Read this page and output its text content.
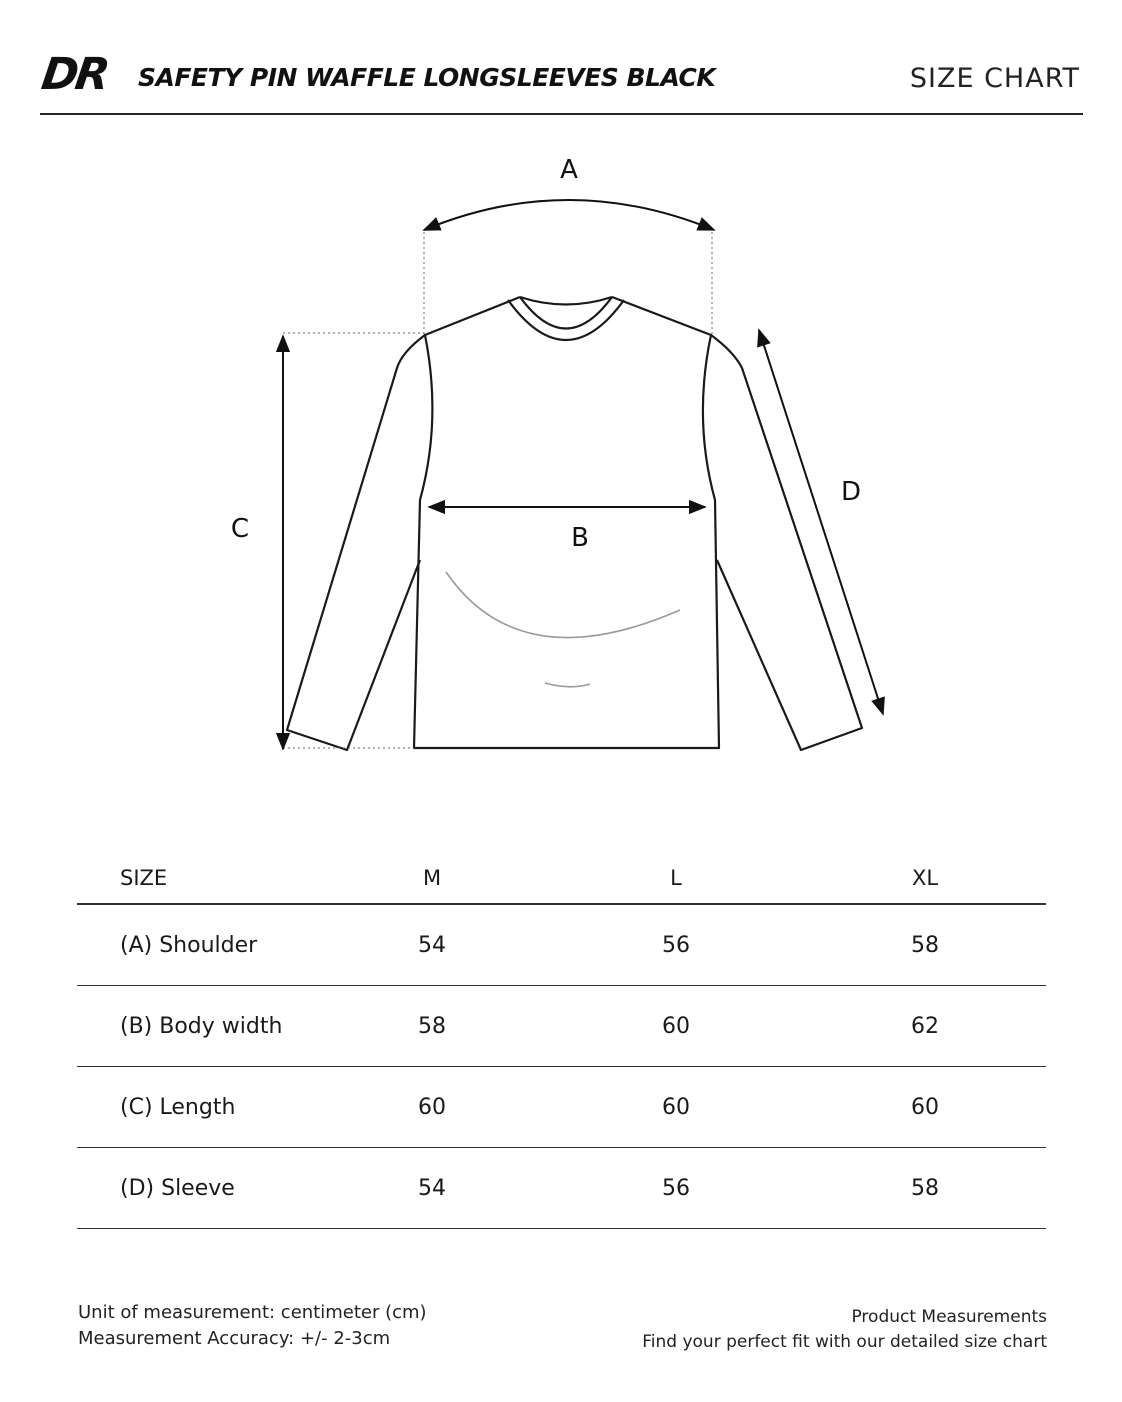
DR SAFETY PIN WAFFLE LONGSLEEVES BLACK	SIZE CHART
A
B
C
D
SIZE	M	L	XL
(A) Shoulder	54	56	58
(B) Body width	58	60	62
(C) Length	60	60	60
(D) Sleeve	54	56	58
Unit of measurement: centimeter (cm)
Measurement Accuracy: +/- 2-3cm
Product Measurements
Find your perfect fit with our detailed size chart
